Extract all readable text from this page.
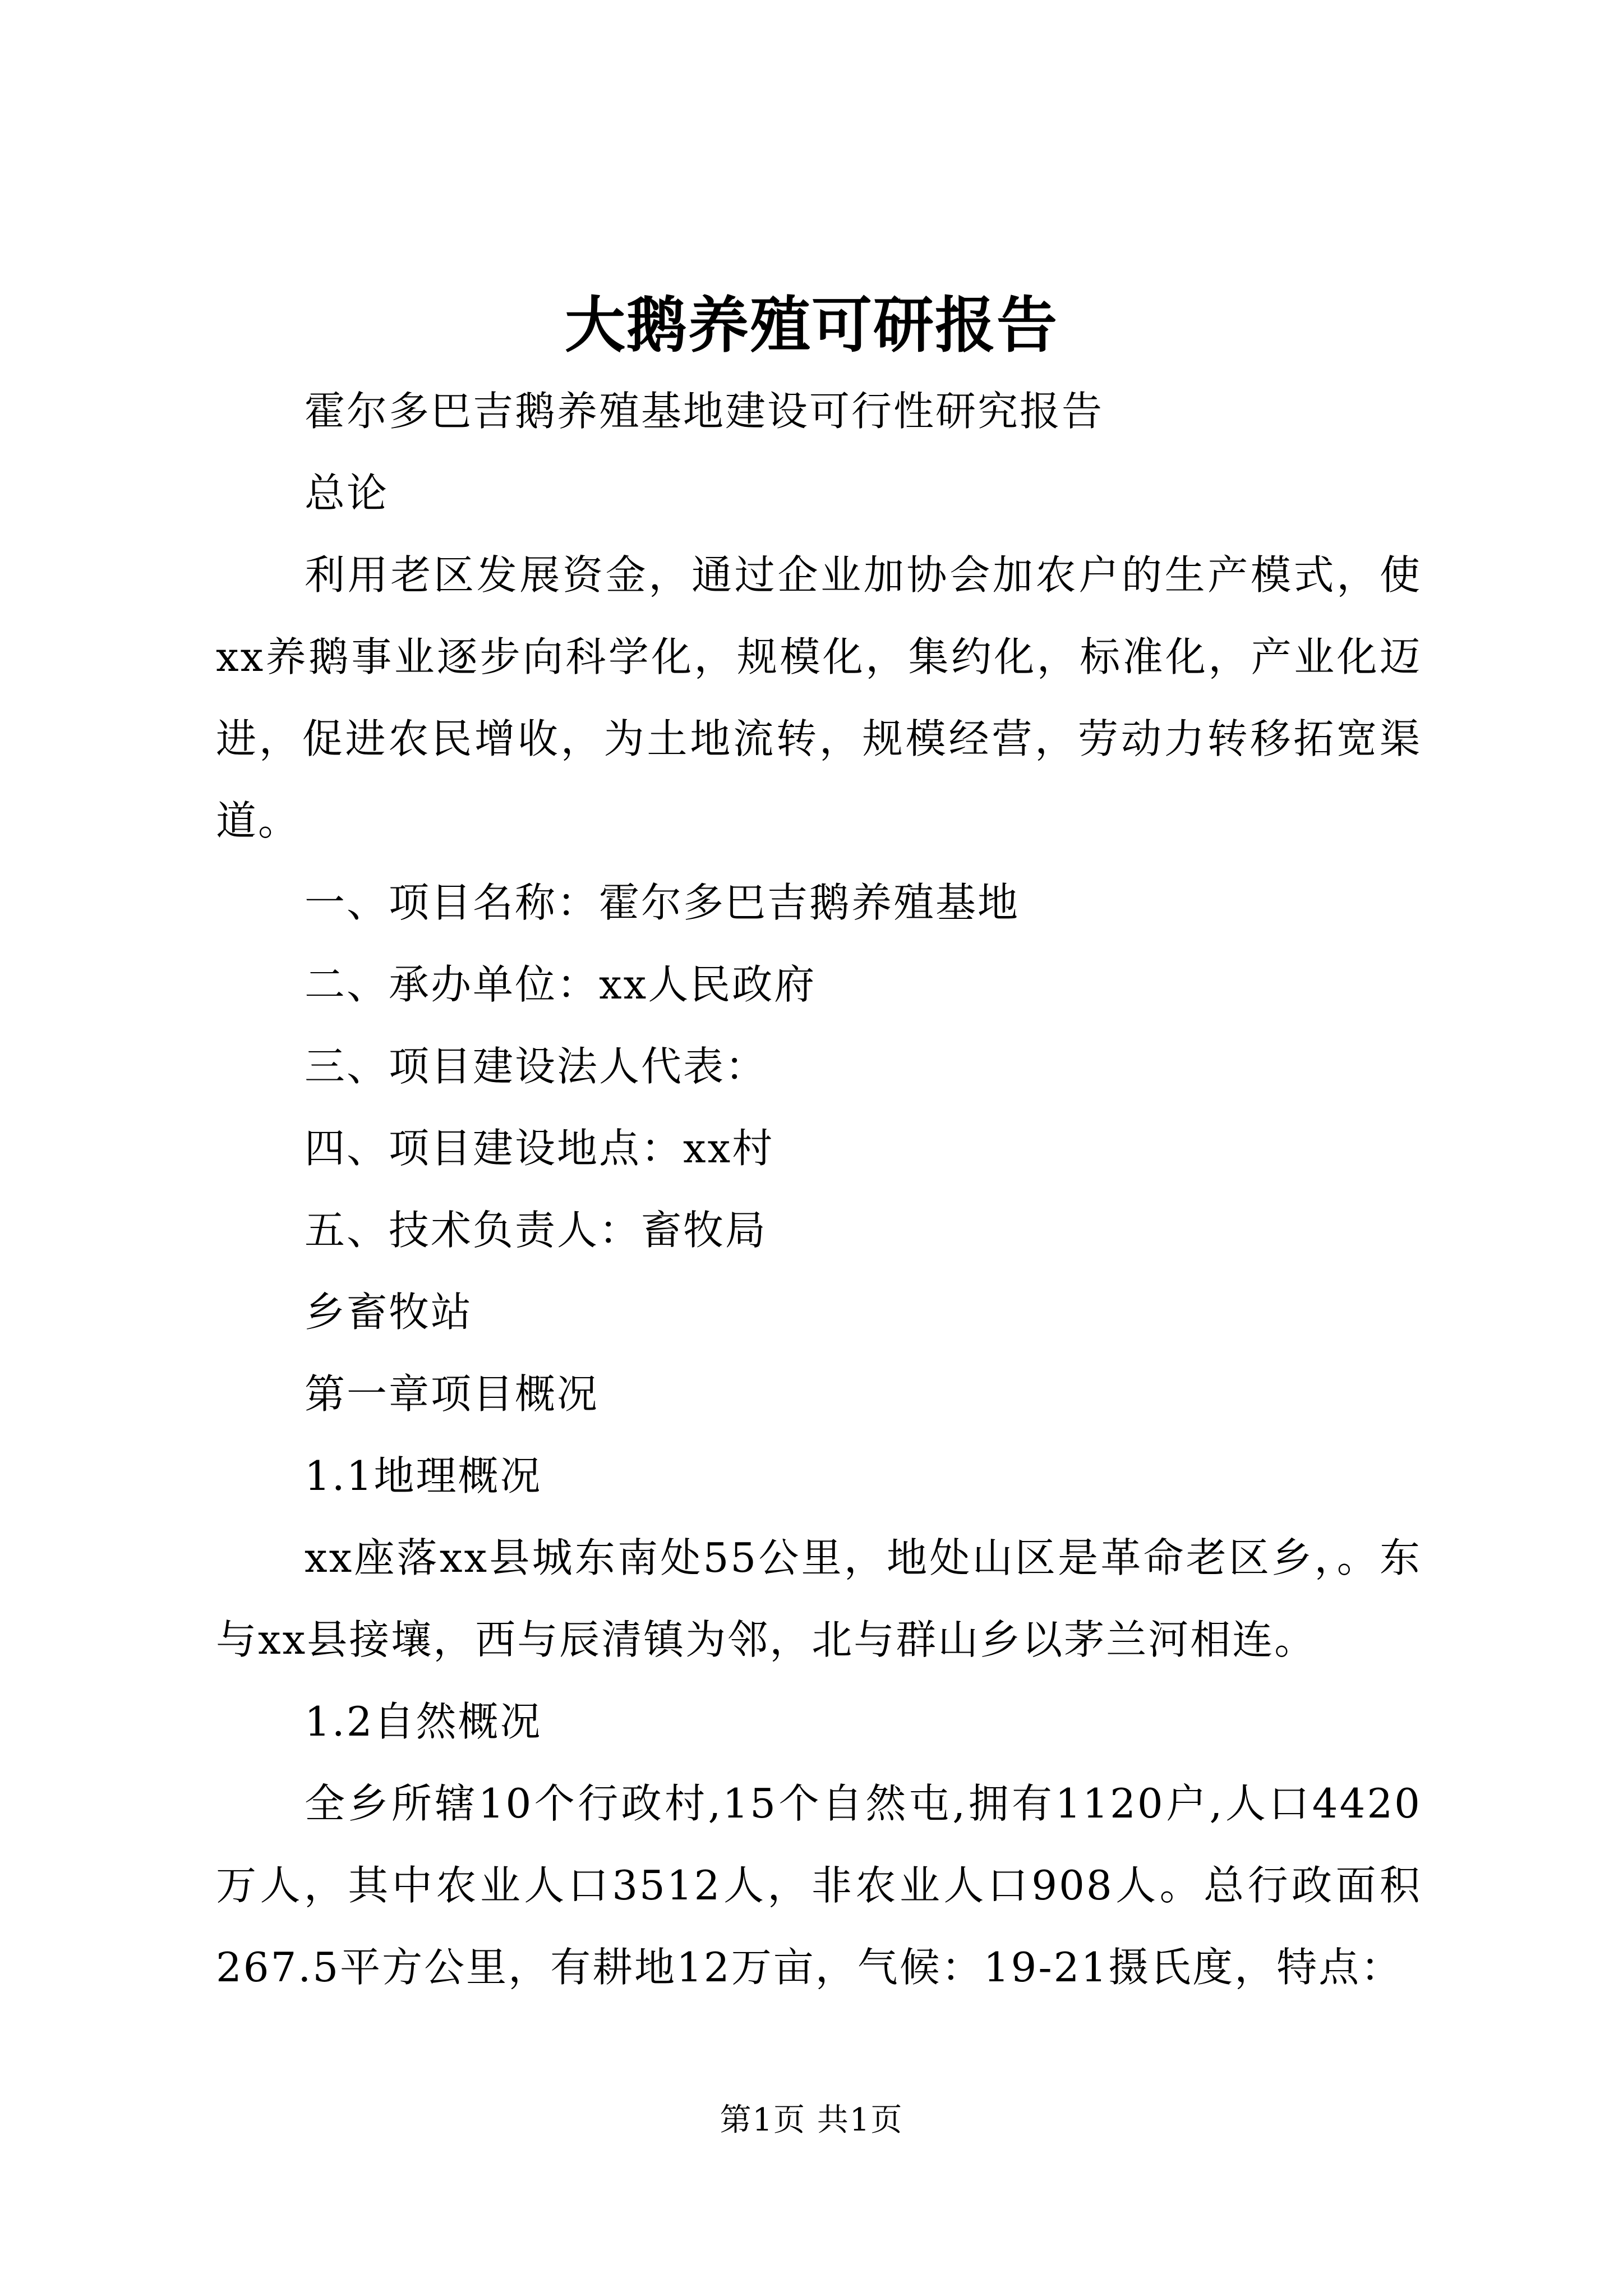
大鹅养殖可研报告

霍尔多巴吉鹅养殖基地建设可行性研究报告

总论

利用老区发展资金，通过企业加协会加农户的生产模式，使xx养鹅事业逐步向科学化，规模化，集约化，标准化，产业化迈进，促进农民增收，为土地流转，规模经营，劳动力转移拓宽渠道。

一、项目名称：霍尔多巴吉鹅养殖基地

二、承办单位：xx人民政府

三、项目建设法人代表：

四、项目建设地点：xx村

五、技术负责人：畜牧局

乡畜牧站

第一章项目概况

1.1地理概况

xx座落xx县城东南处55公里，地处山区是革命老区乡，。东与xx县接壤，西与辰清镇为邻，北与群山乡以茅兰河相连。

1.2自然概况

全乡所辖10个行政村,15个自然屯,拥有1120户,人口4420万人，其中农业人口3512人，非农业人口908人。总行政面积267.5平方公里，有耕地12万亩，气候：19-21摄氏度，特点：

第1页 共1页
